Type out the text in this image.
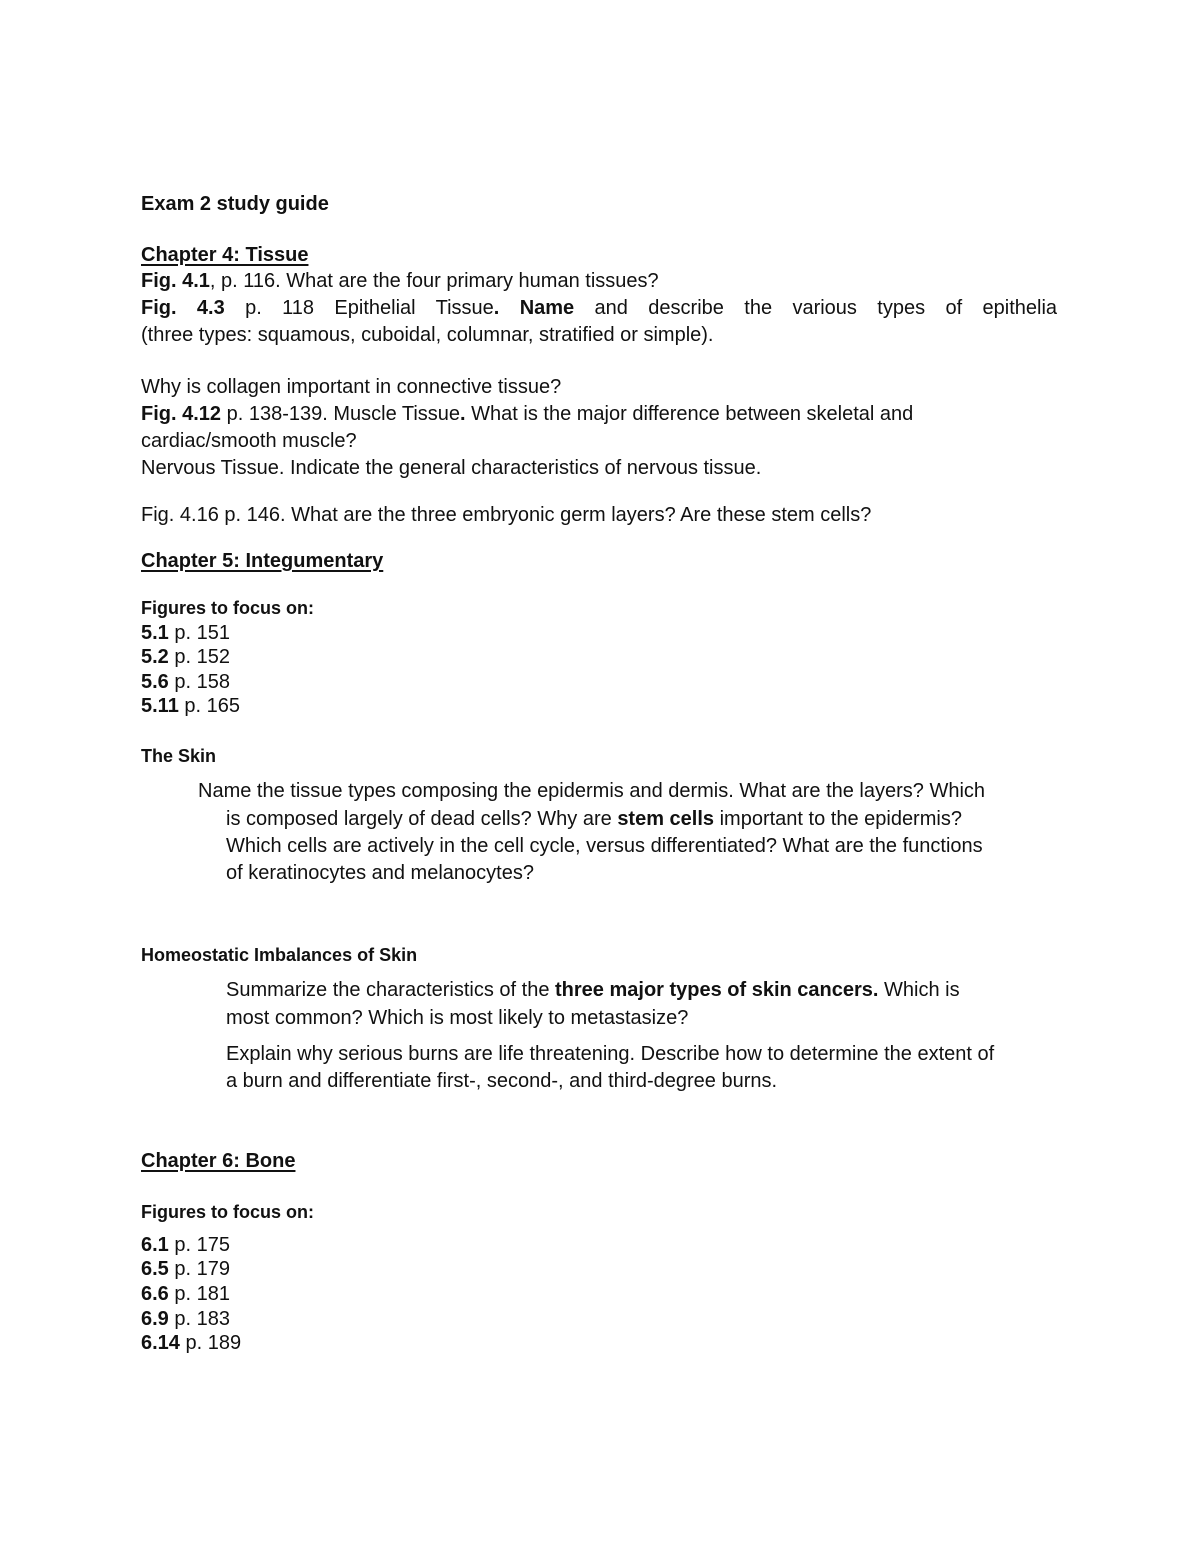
Exam 2 study guide

Chapter 4: Tissue

Fig. 4.1, p. 116. What are the four primary human tissues?

Fig. 4.3 p. 118 Epithelial Tissue. Name and describe the various types of epithelia

(three types: squamous, cuboidal, columnar, stratified or simple).

Why is collagen important in connective tissue?

Fig. 4.12 p. 138-139. Muscle Tissue. What is the major difference between skeletal and

cardiac/smooth muscle?

Nervous Tissue. Indicate the general characteristics of nervous tissue.

Fig. 4.16 p. 146. What are the three embryonic germ layers? Are these stem cells?

Chapter 5: Integumentary

Figures to focus on:

5.1 p. 151

5.2 p. 152

5.6 p. 158

5.11 p. 165

The Skin

Name the tissue types composing the epidermis and dermis. What are the layers? Which

is composed largely of dead cells? Why are stem cells important to the epidermis?

Which cells are actively in the cell cycle, versus differentiated? What are the functions

of keratinocytes and melanocytes?

Homeostatic Imbalances of Skin

Summarize the characteristics of the three major types of skin cancers. Which is

most common? Which is most likely to metastasize?

Explain why serious burns are life threatening. Describe how to determine the extent of

a burn and differentiate first-, second-, and third-degree burns.

Chapter 6: Bone

Figures to focus on:

6.1 p. 175

6.5 p. 179

6.6 p. 181

6.9 p. 183

6.14 p. 189
